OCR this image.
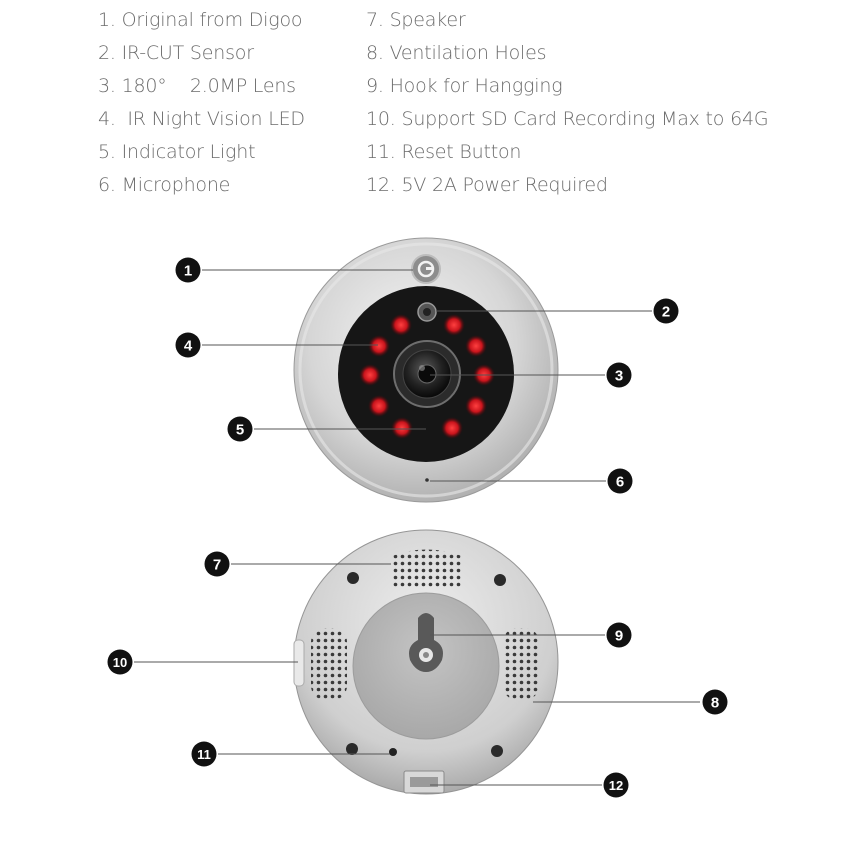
1. Original from Digoo
2. IR-CUT Sensor
3. 180°    2.0MP Lens
4.  IR Night Vision LED
5. Indicator Light
6. Microphone
7. Speaker
8. Ventilation Holes
9. Hook for Hangging
10. Support SD Card Recording Max to 64G
11. Reset Button
12. 5V 2A Power Required
1
2
3
4
5
6
7
8
9
10
11
12
